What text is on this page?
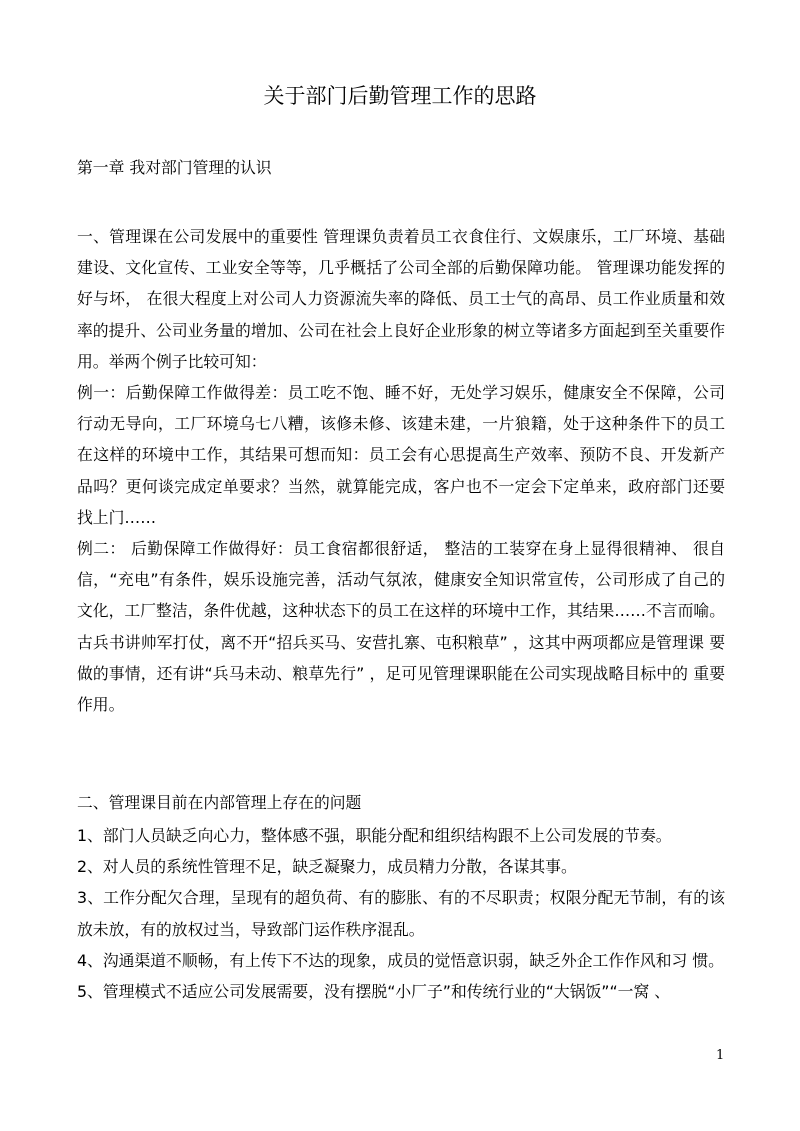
关于部门后勤管理工作的思路
第一章 我对部门管理的认识

一、管理课在公司发展中的重要性 管理课负责着员工衣食住行、文娱康乐，工厂环境、基础建设、文化宣传、工业安全等等，几乎概括了公司全部的后勤保障功能。 管理课功能发挥的好与坏， 在很大程度上对公司人力资源流失率的降低、员工士气的高昂、员工作业质量和效率的提升、公司业务量的增加、公司在社会上良好企业形象的树立等诸多方面起到至关重要作用。举两个例子比较可知：

例一：后勤保障工作做得差：员工吃不饱、睡不好，无处学习娱乐，健康安全不保障，公司 行动无导向，工厂环境乌七八糟，该修未修、该建未建，一片狼籍，处于这种条件下的员工 在这样的环境中工作，其结果可想而知：员工会有心思提高生产效率、预防不良、开发新产 品吗？更何谈完成定单要求？当然，就算能完成，客户也不一定会下定单来，政府部门还要 找上门……

例二： 后勤保障工作做得好：员工食宿都很舒适， 整洁的工装穿在身上显得很精神、 很自信，“充电”有条件，娱乐设施完善，活动气氛浓，健康安全知识常宣传，公司形成了自己的文化，工厂整洁，条件优越，这种状态下的员工在这样的环境中工作，其结果……不言而喻。 古兵书讲帅军打仗，离不开“招兵买马、安营扎寨、屯积粮草” ，这其中两项都应是管理课 要做的事情，还有讲“兵马未动、粮草先行” ，足可见管理课职能在公司实现战略目标中的 重要作用。

二、管理课目前在内部管理上存在的问题

1、部门人员缺乏向心力，整体感不强，职能分配和组织结构跟不上公司发展的节奏。

2、对人员的系统性管理不足，缺乏凝聚力，成员精力分散，各谋其事。

3、工作分配欠合理，呈现有的超负荷、有的膨胀、有的不尽职责；权限分配无节制，有的该放未放，有的放权过当，导致部门运作秩序混乱。

4、沟通渠道不顺畅，有上传下不达的现象，成员的觉悟意识弱，缺乏外企工作作风和习 惯。

5、管理模式不适应公司发展需要，没有摆脱“小厂子”和传统行业的“大锅饭”“一窝 、

1
